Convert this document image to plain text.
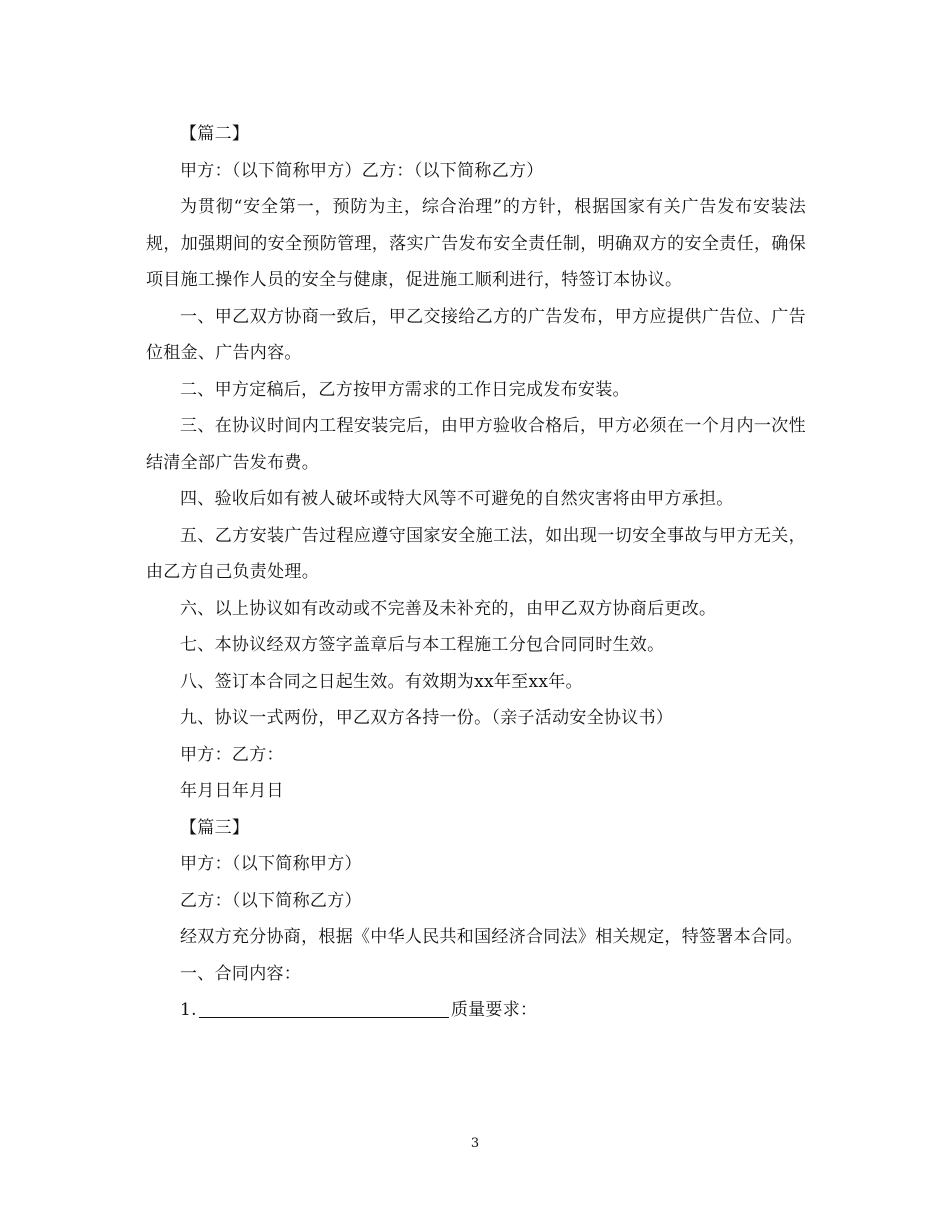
【篇二】

甲方：（以下简称甲方）乙方：（以下简称乙方）

为贯彻“安全第一，预防为主，综合治理”的方针，根据国家有关广告发布安装法规，加强期间的安全预防管理，落实广告发布安全责任制，明确双方的安全责任，确保项目施工操作人员的安全与健康，促进施工顺利进行，特签订本协议。

一、甲乙双方协商一致后，甲乙交接给乙方的广告发布，甲方应提供广告位、广告位租金、广告内容。

二、甲方定稿后，乙方按甲方需求的工作日完成发布安装。

三、在协议时间内工程安装完后，由甲方验收合格后，甲方必须在一个月内一次性结清全部广告发布费。

四、验收后如有被人破坏或特大风等不可避免的自然灾害将由甲方承担。

五、乙方安装广告过程应遵守国家安全施工法，如出现一切安全事故与甲方无关，由乙方自己负责处理。

六、以上协议如有改动或不完善及未补充的，由甲乙双方协商后更改。

七、本协议经双方签字盖章后与本工程施工分包合同同时生效。

八、签订本合同之日起生效。有效期为xx年至xx年。

九、协议一式两份，甲乙双方各持一份。（亲子活动安全协议书）

甲方：乙方：

年月日年月日

【篇三】

甲方：（以下简称甲方）

乙方：（以下简称乙方）

经双方充分协商，根据《中华人民共和国经济合同法》相关规定，特签署本合同。

一、合同内容：

1.	质量要求：

3
